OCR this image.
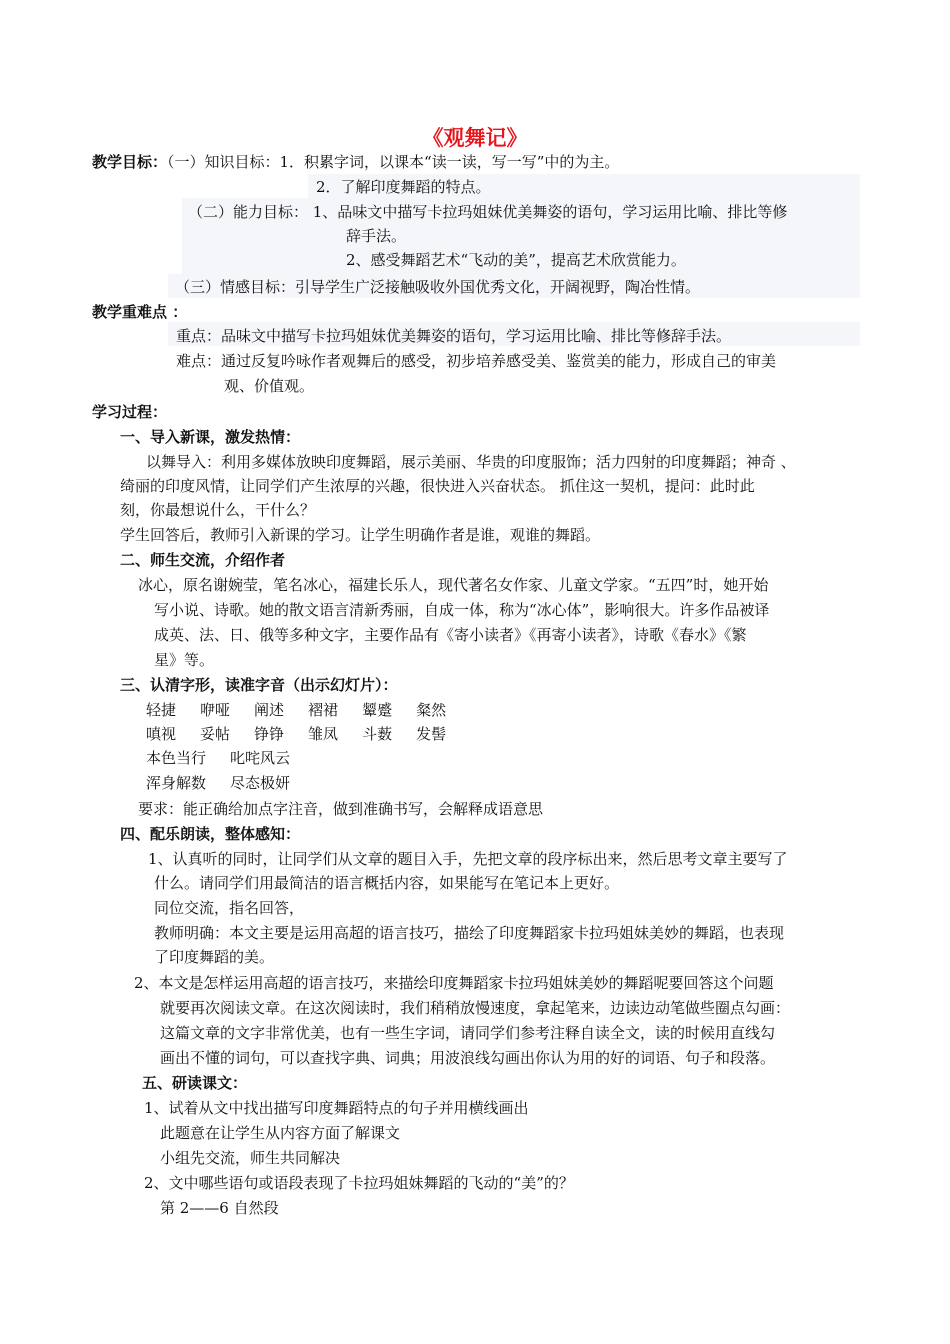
《观舞记》
教学目标：（一）知识目标：1．积累字词，以课本“读一读，写一写”中的为主。
2．了解印度舞蹈的特点。
（二）能力目标： 1、品味文中描写卡拉玛姐妹优美舞姿的语句，学习运用比喻、排比等修
辞手法。
2、感受舞蹈艺术“飞动的美”，提高艺术欣赏能力。
（三）情感目标：引导学生广泛接触吸收外国优秀文化，开阔视野，陶冶性情。
教学重难点 ：
重点：品味文中描写卡拉玛姐妹优美舞姿的语句，学习运用比喻、排比等修辞手法。
难点：通过反复吟咏作者观舞后的感受，初步培养感受美、鉴赏美的能力，形成自己的审美
观、价值观。
学习过程：
一、导入新课，激发热情：
以舞导入：利用多媒体放映印度舞蹈，展示美丽、华贵的印度服饰；活力四射的印度舞蹈；神奇 、
绮丽的印度风情，让同学们产生浓厚的兴趣，很快进入兴奋状态。 抓住这一契机，提问：此时此
刻，你最想说什么，干什么？
学生回答后，教师引入新课的学习。让学生明确作者是谁，观谁的舞蹈。
二、师生交流，介绍作者
冰心，原名谢婉莹，笔名冰心，福建长乐人，现代著名女作家、儿童文学家。“五四”时，她开始
写小说、诗歌。她的散文语言清新秀丽，自成一体，称为“冰心体”，影响很大。许多作品被译
成英、法、日、俄等多种文字，主要作品有《寄小读者》《再寄小读者》，诗歌《春水》《繁
星》等。
三、认清字形，读准字音（出示幻灯片）：
轻捷 咿哑 阐述 褶裙 颦蹙 粲然
嗔视 妥帖 铮铮 雏凤 斗薮 发髻
本色当行 叱咤风云
浑身解数 尽态极妍
要求：能正确给加点字注音，做到准确书写，会解释成语意思
四、配乐朗读，整体感知：
1、认真听的同时，让同学们从文章的题目入手，先把文章的段序标出来，然后思考文章主要写了
什么。请同学们用最简洁的语言概括内容，如果能写在笔记本上更好。
同位交流，指名回答，
教师明确：本文主要是运用高超的语言技巧，描绘了印度舞蹈家卡拉玛姐妹美妙的舞蹈，也表现
了印度舞蹈的美。
2、本文是怎样运用高超的语言技巧，来描绘印度舞蹈家卡拉玛姐妹美妙的舞蹈呢要回答这个问题
就要再次阅读文章。在这次阅读时，我们稍稍放慢速度，拿起笔来，边读边动笔做些圈点勾画：
这篇文章的文字非常优美，也有一些生字词，请同学们参考注释自读全文，读的时候用直线勾
画出不懂的词句，可以查找字典、词典；用波浪线勾画出你认为用的好的词语、句子和段落。
五、研读课文：
1、试着从文中找出描写印度舞蹈特点的句子并用横线画出
此题意在让学生从内容方面了解课文
小组先交流，师生共同解决
2、文中哪些语句或语段表现了卡拉玛姐妹舞蹈的飞动的“美”的？
第 2——6 自然段
